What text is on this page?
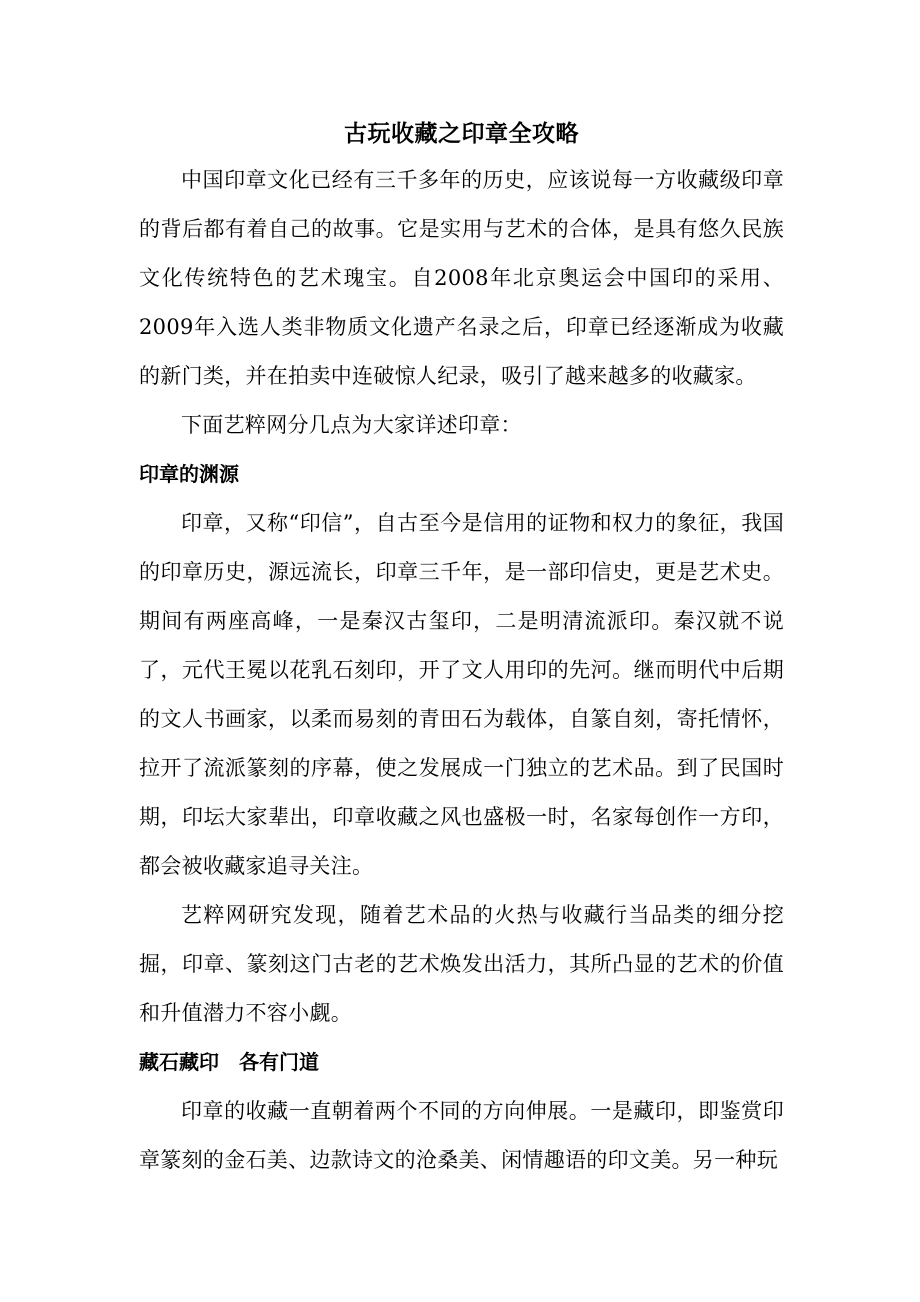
古玩收藏之印章全攻略

中国印章文化已经有三千多年的历史，应该说每一方收藏级印章的背后都有着自己的故事。它是实用与艺术的合体，是具有悠久民族文化传统特色的艺术瑰宝。自2008年北京奥运会中国印的采用、2009年入选人类非物质文化遗产名录之后，印章已经逐渐成为收藏的新门类，并在拍卖中连破惊人纪录，吸引了越来越多的收藏家。

下面艺粹网分几点为大家详述印章：

印章的渊源

印章，又称“印信”，自古至今是信用的证物和权力的象征，我国的印章历史，源远流长，印章三千年，是一部印信史，更是艺术史。期间有两座高峰，一是秦汉古玺印，二是明清流派印。秦汉就不说了，元代王冕以花乳石刻印，开了文人用印的先河。继而明代中后期的文人书画家，以柔而易刻的青田石为载体，自篆自刻，寄托情怀，拉开了流派篆刻的序幕，使之发展成一门独立的艺术品。到了民国时期，印坛大家辈出，印章收藏之风也盛极一时，名家每创作一方印，都会被收藏家追寻关注。

艺粹网研究发现，随着艺术品的火热与收藏行当品类的细分挖掘，印章、篆刻这门古老的艺术焕发出活力，其所凸显的艺术的价值和升值潜力不容小觑。

藏石藏印　各有门道

印章的收藏一直朝着两个不同的方向伸展。一是藏印，即鉴赏印章篆刻的金石美、边款诗文的沧桑美、闲情趣语的印文美。另一种玩
